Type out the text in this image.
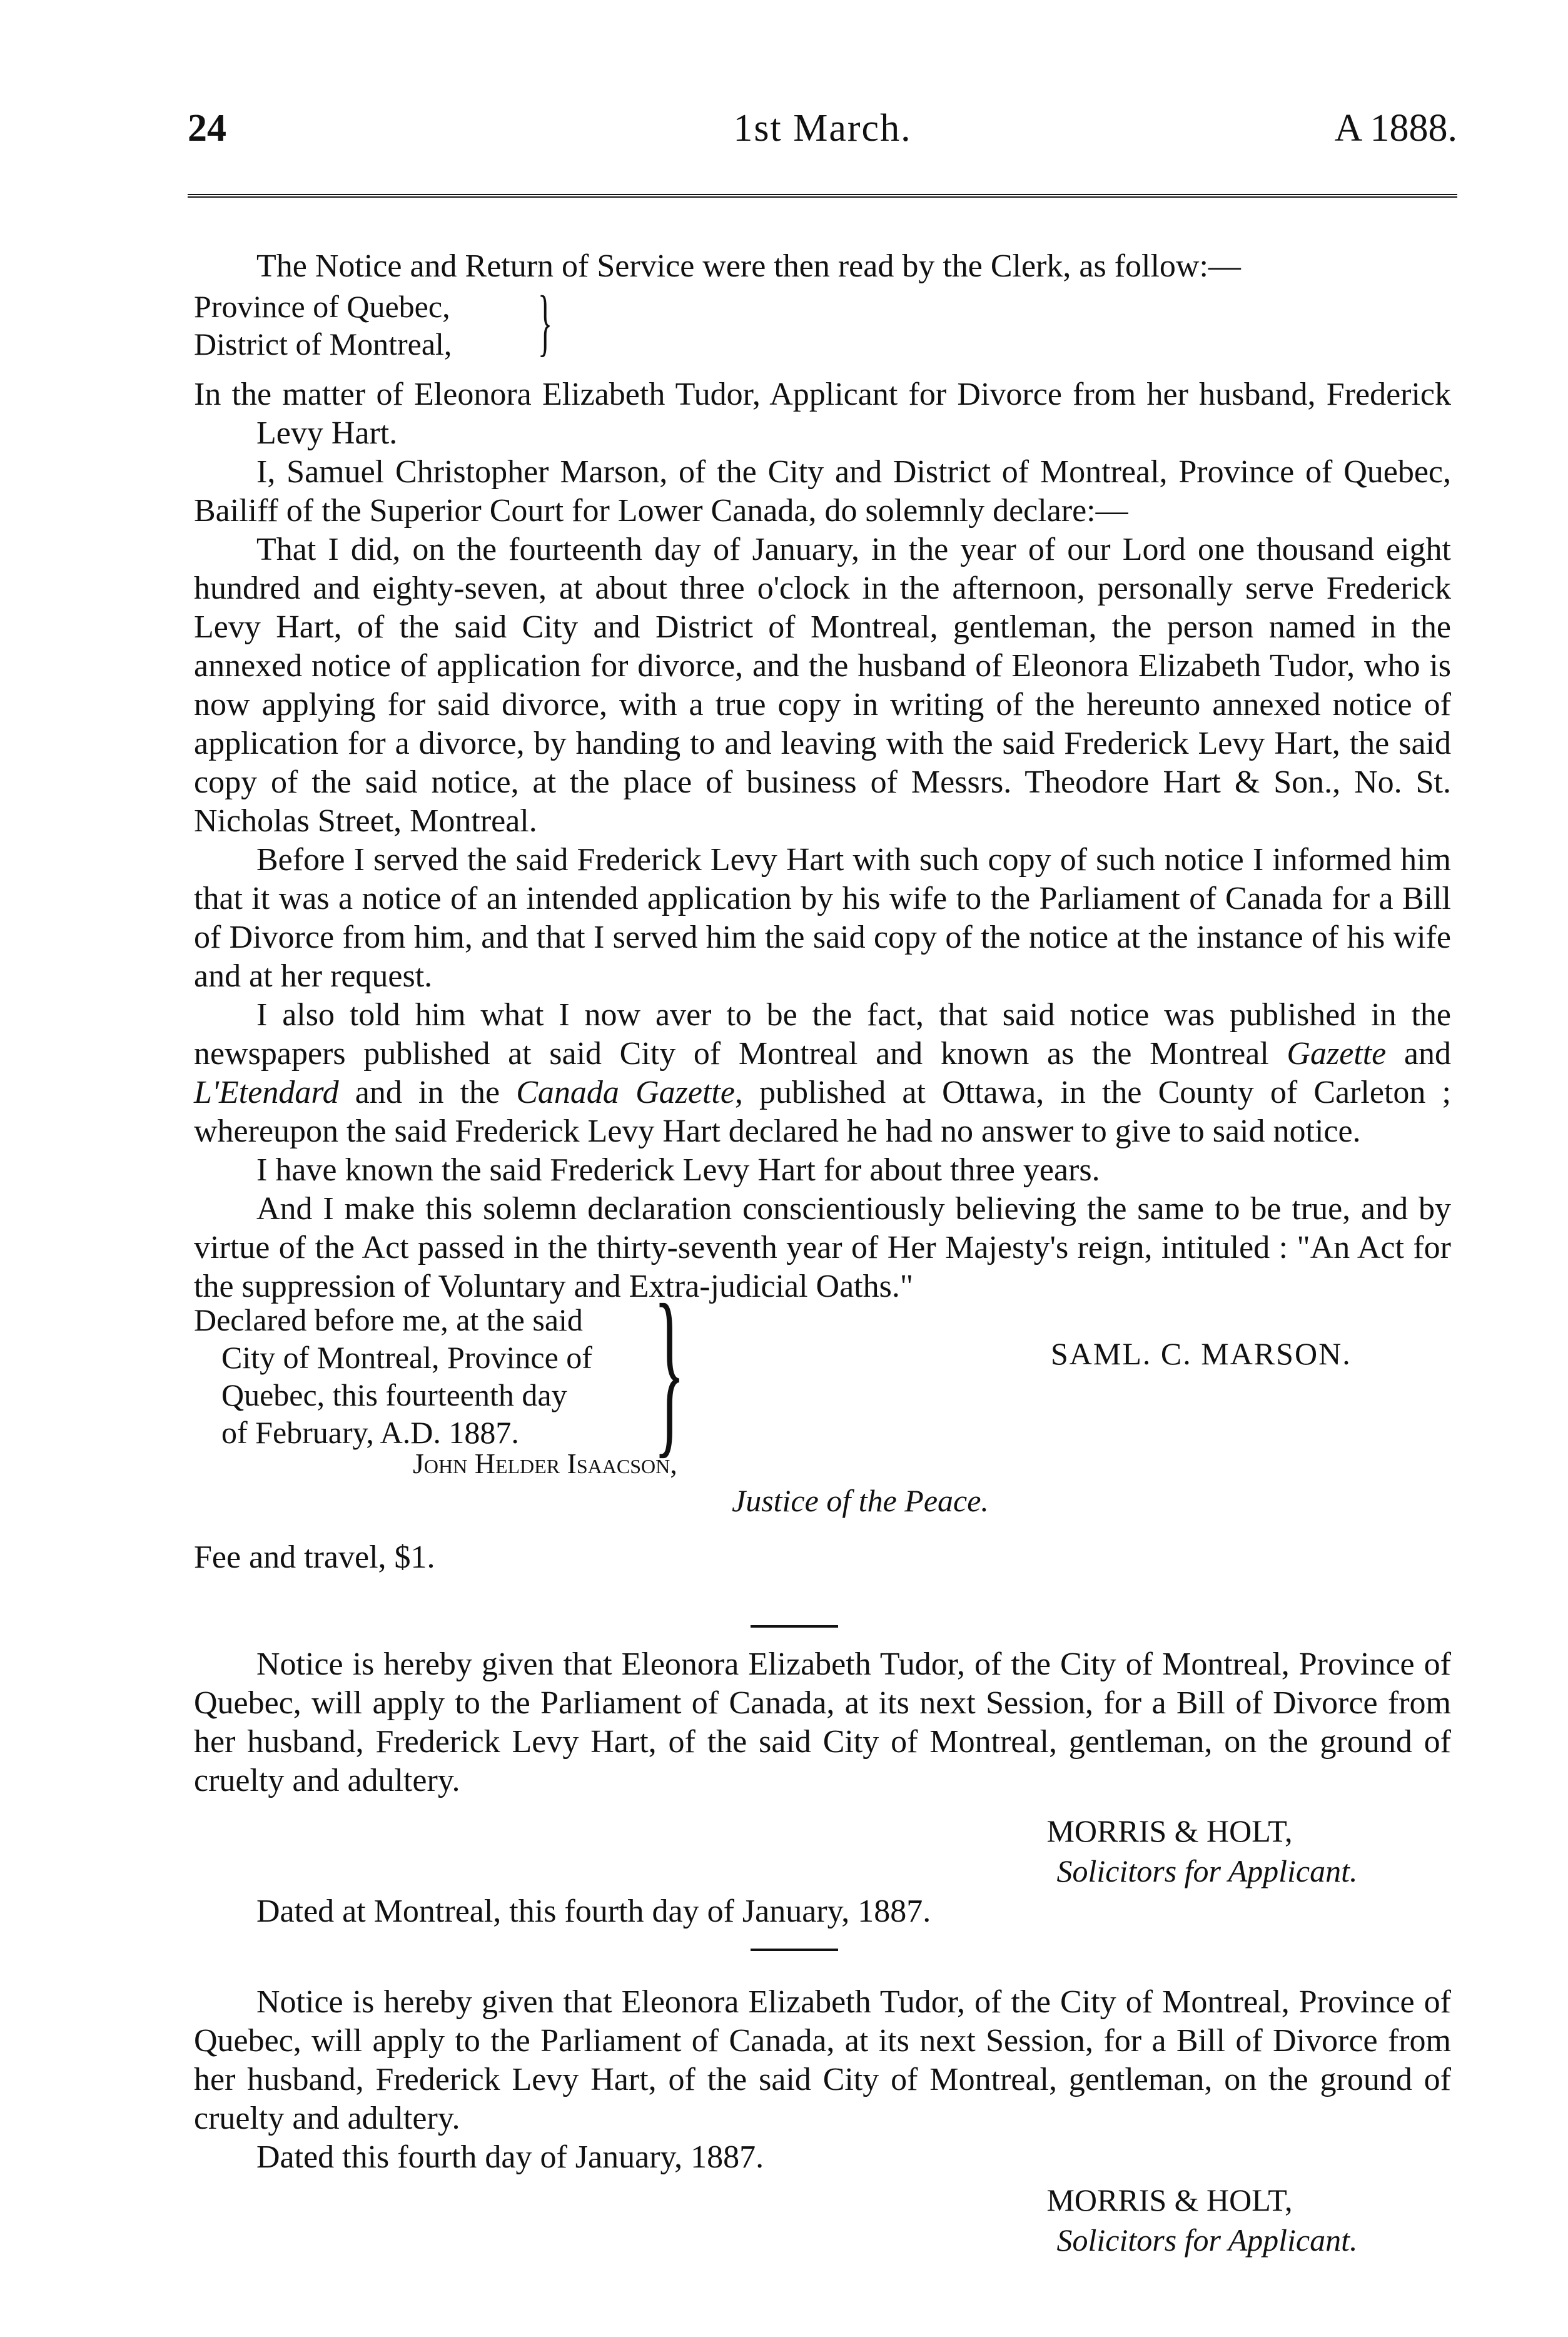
24	1st March.	A 1888.

The Notice and Return of Service were then read by the Clerk, as follow:—

Province of Quebec,
District of Montreal, }

In the matter of Eleonora Elizabeth Tudor, Applicant for Divorce from her husband, Frederick Levy Hart.

I, Samuel Christopher Marson, of the City and District of Montreal, Province of Quebec, Bailiff of the Superior Court for Lower Canada, do solemnly declare:—

That I did, on the fourteenth day of January, in the year of our Lord one thousand eight hundred and eighty-seven, at about three o'clock in the afternoon, personally serve Frederick Levy Hart, of the said City and District of Montreal, gentleman, the person named in the annexed notice of application for divorce, and the husband of Eleonora Elizabeth Tudor, who is now applying for said divorce, with a true copy in writing of the hereunto annexed notice of application for a divorce, by handing to and leaving with the said Frederick Levy Hart, the said copy of the said notice, at the place of business of Messrs. Theodore Hart & Son., No. St. Nicholas Street, Montreal.

Before I served the said Frederick Levy Hart with such copy of such notice I informed him that it was a notice of an intended application by his wife to the Parliament of Canada for a Bill of Divorce from him, and that I served him the said copy of the notice at the instance of his wife and at her request.

I also told him what I now aver to be the fact, that said notice was published in the newspapers published at said City of Montreal and known as the Montreal Gazette and L'Etendard and in the Canada Gazette, published at Ottawa, in the County of Carleton ; whereupon the said Frederick Levy Hart declared he had no answer to give to said notice.

I have known the said Frederick Levy Hart for about three years.

And I make this solemn declaration conscientiously believing the same to be true, and by virtue of the Act passed in the thirty-seventh year of Her Majesty's reign, intituled : "An Act for the suppression of Voluntary and Extra-judicial Oaths."

Declared before me, at the said
City of Montreal, Province of
Quebec, this fourteenth day
of February, A.D. 1887. }	SAML. C. MARSON.
John Helder Isaacson,
Justice of the Peace.
Fee and travel, $1.

Notice is hereby given that Eleonora Elizabeth Tudor, of the City of Montreal, Province of Quebec, will apply to the Parliament of Canada, at its next Session, for a Bill of Divorce from her husband, Frederick Levy Hart, of the said City of Montreal, gentleman, on the ground of cruelty and adultery.

MORRIS & HOLT,
Solicitors for Applicant.

Dated at Montreal, this fourth day of January, 1887.

Notice is hereby given that Eleonora Elizabeth Tudor, of the City of Montreal, Province of Quebec, will apply to the Parliament of Canada, at its next Session, for a Bill of Divorce from her husband, Frederick Levy Hart, of the said City of Montreal, gentleman, on the ground of cruelty and adultery.

Dated this fourth day of January, 1887.

MORRIS & HOLT,
Solicitors for Applicant.
